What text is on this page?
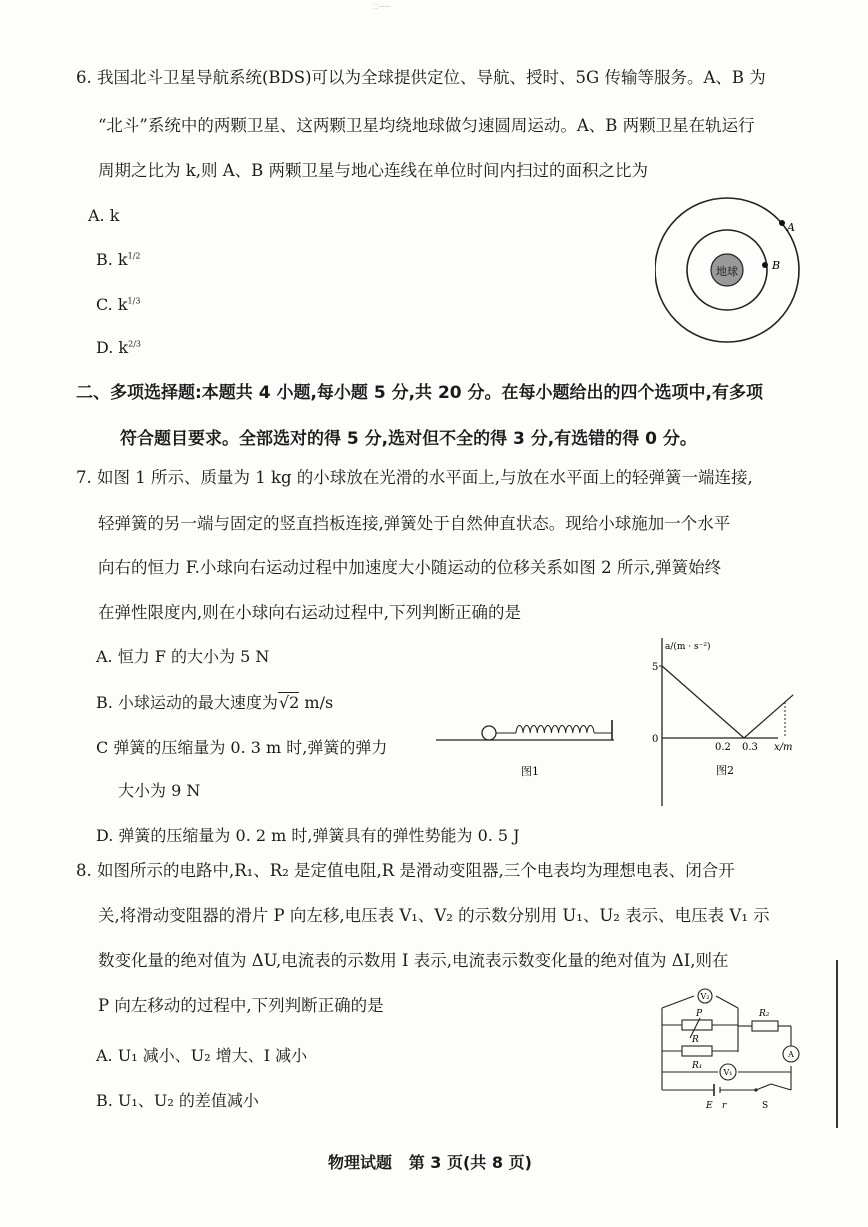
二一一
6. 我国北斗卫星导航系统(BDS)可以为全球提供定位、导航、授时、5G 传输等服务。A、B 为
“北斗”系统中的两颗卫星、这两颗卫星均绕地球做匀速圆周运动。A、B 两颗卫星在轨运行
周期之比为 k,则 A、B 两颗卫星与地心连线在单位时间内扫过的面积之比为
A. k
B. $k^{1/2}$
C. $k^{1/3}$
D. $k^{2/3}$
地球
A
B
二、多项选择题:本题共 4 小题,每小题 5 分,共 20 分。在每小题给出的四个选项中,有多项
符合题目要求。全部选对的得 5 分,选对但不全的得 3 分,有选错的得 0 分。
7. 如图 1 所示、质量为 1 kg 的小球放在光滑的水平面上,与放在水平面上的轻弹簧一端连接,
轻弹簧的另一端与固定的竖直挡板连接,弹簧处于自然伸直状态。现给小球施加一个水平
向右的恒力 F.小球向右运动过程中加速度大小随运动的位移关系如图 2 所示,弹簧始终
在弹性限度内,则在小球向右运动过程中,下列判断正确的是
A. 恒力 F 的大小为 5 N
B. 小球运动的最大速度为√2 m/s
C 弹簧的压缩量为 0. 3 m 时,弹簧的弹力
大小为 9 N
D. 弹簧的压缩量为 0. 2 m 时,弹簧具有的弹性势能为 0. 5 J
图1
a/(m · s⁻²)
x/m
5
0
0.2 0.3
图2
8. 如图所示的电路中,R₁、R₂ 是定值电阻,R 是滑动变阻器,三个电表均为理想电表、闭合开
关,将滑动变阻器的滑片 P 向左移,电压表 V₁、V₂ 的示数分别用 U₁、U₂ 表示、电压表 V₁ 示
数变化量的绝对值为 ΔU,电流表的示数用 I 表示,电流表示数变化量的绝对值为 ΔI,则在
P 向左移动的过程中,下列判断正确的是
A. U₁ 减小、U₂ 增大、I 减小
B. U₁、U₂ 的差值减小
V₂
V₁
A
R₂
P
R
R₁
E r	S
物理试题   第 3 页(共 8 页)
